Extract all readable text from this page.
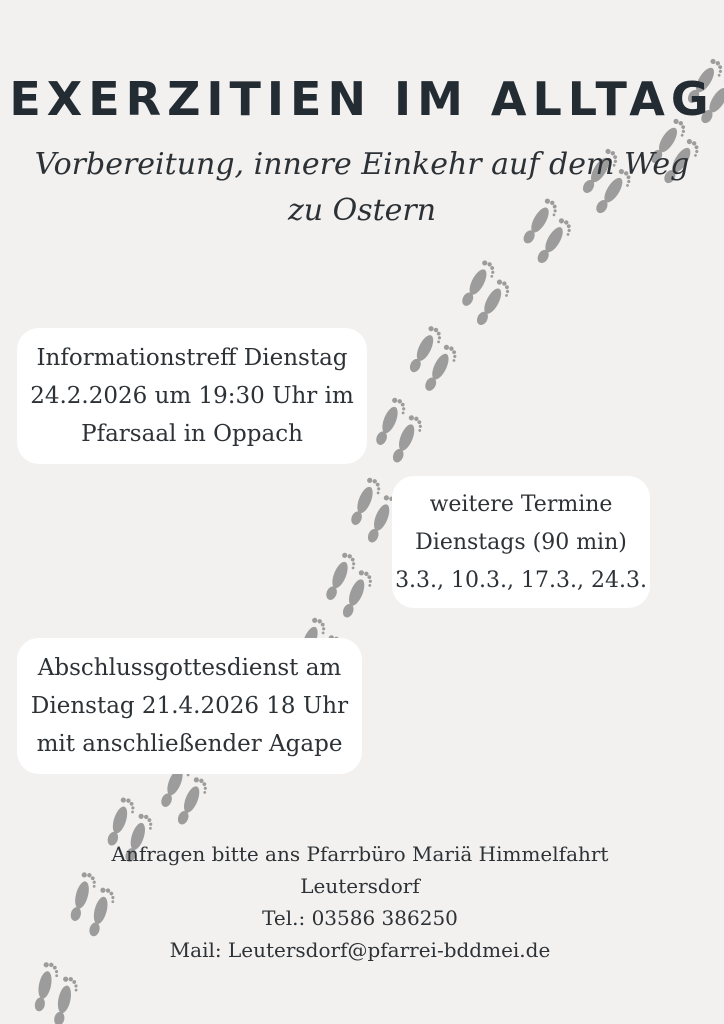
EXERZITIEN IM ALLTAG
Vorbereitung, innere Einkehr auf dem Weg
zu Ostern
Informationstreff Dienstag
24.2.2026 um 19:30 Uhr im
Pfarsaal in Oppach
weitere Termine
Dienstags (90 min)
3.3., 10.3., 17.3., 24.3.
Abschlussgottesdienst am
Dienstag 21.4.2026 18 Uhr
mit anschließender Agape
Anfragen bitte ans Pfarrbüro Mariä Himmelfahrt
Leutersdorf
Tel.: 03586 386250
Mail: Leutersdorf@pfarrei-bddmei.de
